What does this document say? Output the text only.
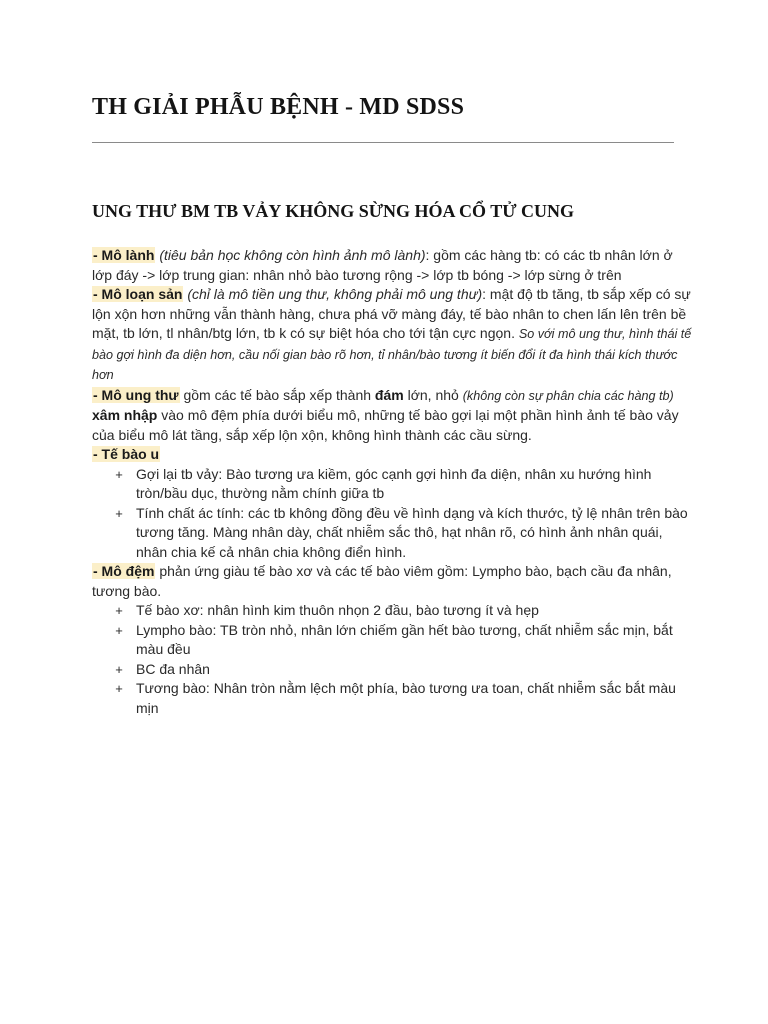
TH GIẢI PHẪU BỆNH - MD SDSS
UNG THƯ BM TB VẢY KHÔNG SỪNG HÓA CỔ TỬ CUNG

- Mô lành (tiêu bản học không còn hình ảnh mô lành): gồm các hàng tb: có các tb nhân lớn ở lớp đáy -> lớp trung gian: nhân nhỏ bào tương rộng -> lớp tb bóng -> lớp sừng ở trên

- Mô loạn sản (chỉ là mô tiền ung thư, không phải mô ung thư): mật độ tb tăng, tb sắp xếp có sự lộn xộn hơn những vẫn thành hàng, chưa phá vỡ màng đáy, tế bào nhân to chen lấn lên trên bề mặt, tb lớn, tl nhân/btg lớn, tb k có sự biệt hóa cho tới tận cực ngọn. So với mô ung thư, hình thái tế bào gợi hình đa diện hơn, cầu nối gian bào rõ hơn, tỉ nhân/bào tương ít biến đổi ít đa hình thái kích thước hơn

- Mô ung thư gồm các tế bào sắp xếp thành đám lớn, nhỏ (không còn sự phân chia các hàng tb) xâm nhập vào mô đệm phía dưới biểu mô, những tế bào gợi lại một phần hình ảnh tế bào vảy của biểu mô lát tầng, sắp xếp lộn xộn, không hình thành các cầu sừng.

- Tế bào u

+ Gợi lại tb vảy: Bào tương ưa kiềm, góc cạnh gợi hình đa diện, nhân xu hướng hình tròn/bầu dục, thường nằm chính giữa tb
+ Tính chất ác tính: các tb không đồng đều về hình dạng và kích thước, tỷ lệ nhân trên bào tương tăng. Màng nhân dày, chất nhiễm sắc thô, hạt nhân rõ, có hình ảnh nhân quái, nhân chia kế cả nhân chia không điển hình.

- Mô đệm phản ứng giàu tế bào xơ và các tế bào viêm gồm: Lympho bào, bạch cầu đa nhân, tương bào.

+ Tế bào xơ: nhân hình kim thuôn nhọn 2 đầu, bào tương ít và hẹp
+ Lympho bào: TB tròn nhỏ, nhân lớn chiếm gần hết bào tương, chất nhiễm sắc mịn, bắt màu đều
+ BC đa nhân
+ Tương bào: Nhân tròn nằm lệch một phía, bào tương ưa toan, chất nhiễm sắc bắt màu mịn
